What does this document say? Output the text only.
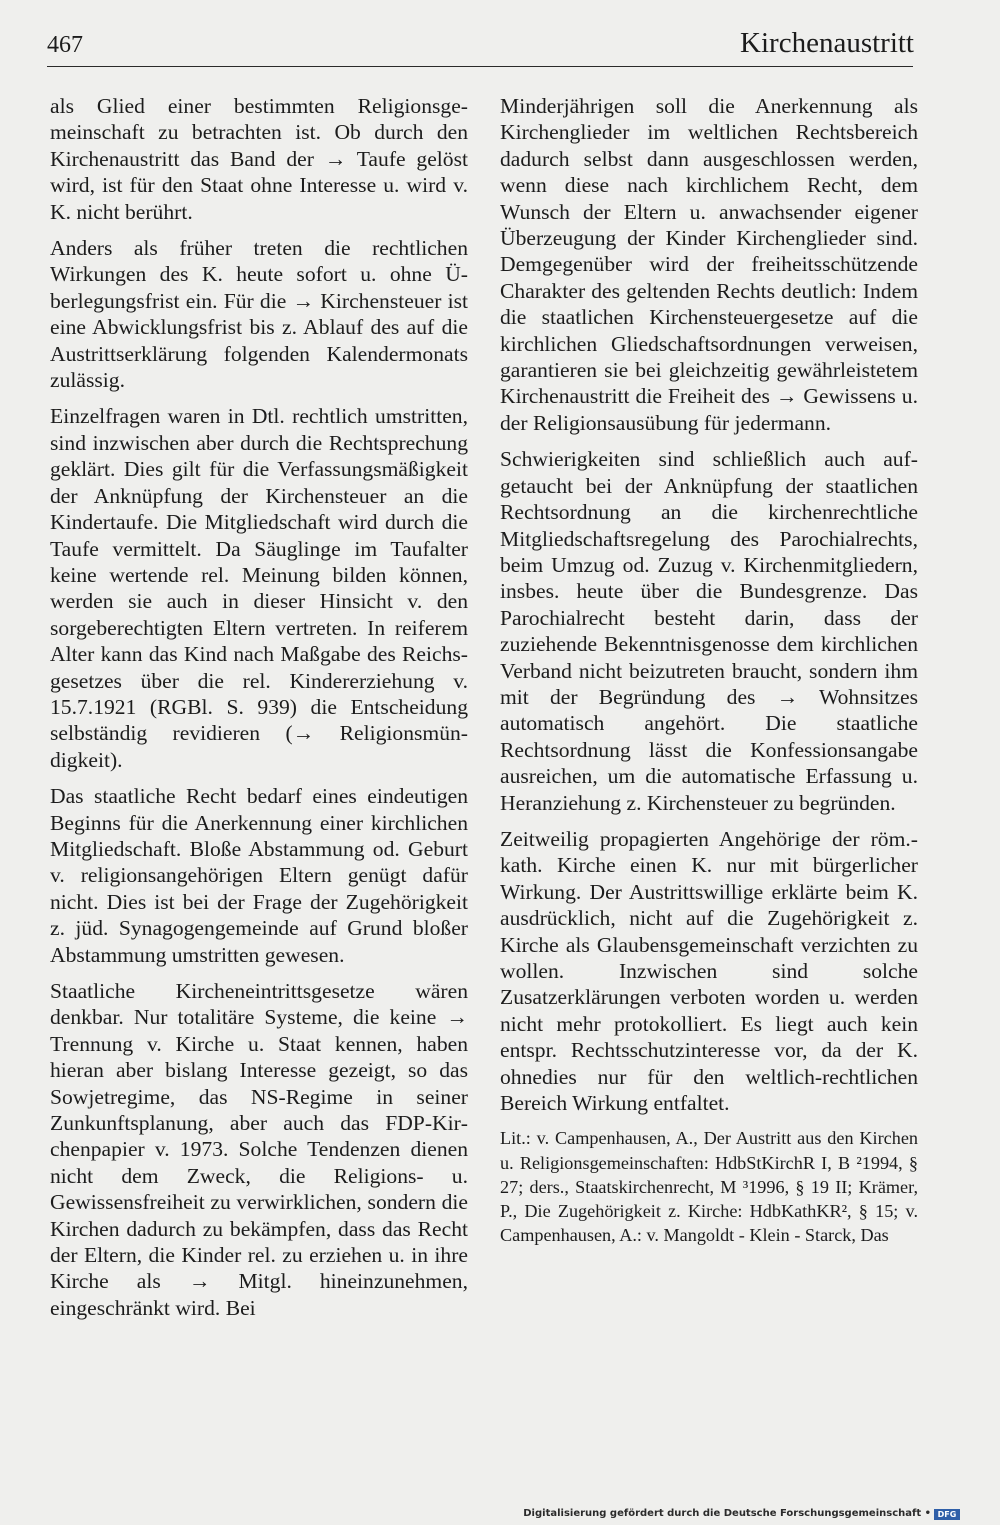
467	Kirchenaustritt

als Glied einer bestimmten Religionsgemeinschaft zu betrachten ist. Ob durch den Kirchenaustritt das Band der → Taufe gelöst wird, ist für den Staat ohne Interesse u. wird v. K. nicht berührt.

Anders als früher treten die rechtlichen Wirkungen des K. heute sofort u. ohne Überlegungsfrist ein. Für die → Kirchensteuer ist eine Abwicklungsfrist bis z. Ablauf des auf die Austrittserklärung folgenden Kalendermonats zulässig.

Einzelfragen waren in Dtl. rechtlich umstritten, sind inzwischen aber durch die Rechtsprechung geklärt. Dies gilt für die Verfassungsmäßigkeit der Anknüpfung der Kirchensteuer an die Kindertaufe. Die Mitgliedschaft wird durch die Taufe vermittelt. Da Säuglinge im Taufalter keine wertende rel. Meinung bilden können, werden sie auch in dieser Hinsicht v. den sorgeberechtigten Eltern vertreten. In reiferem Alter kann das Kind nach Maßgabe des Reichsgesetzes über die rel. Kindererziehung v. 15.7.1921 (RGBl. S. 939) die Entscheidung selbständig revidieren (→ Religionsmündigkeit).

Das staatliche Recht bedarf eines eindeutigen Beginns für die Anerkennung einer kirchlichen Mitgliedschaft. Bloße Abstammung od. Geburt v. religionsangehörigen Eltern genügt dafür nicht. Dies ist bei der Frage der Zugehörigkeit z. jüd. Synagogengemeinde auf Grund bloßer Abstammung umstritten gewesen.

Staatliche Kircheneintrittsgesetze wären denkbar. Nur totalitäre Systeme, die keine → Trennung v. Kirche u. Staat kennen, haben hieran aber bislang Interesse gezeigt, so das Sowjetregime, das NS-Regime in seiner Zunkunftsplanung, aber auch das FDP-Kirchenpapier v. 1973. Solche Tendenzen dienen nicht dem Zweck, die Religions- u. Gewissensfreiheit zu verwirklichen, sondern die Kirchen dadurch zu bekämpfen, dass das Recht der Eltern, die Kinder rel. zu erziehen u. in ihre Kirche als → Mitgl. hineinzunehmen, eingeschränkt wird. Bei

Minderjährigen soll die Anerkennung als Kirchenglieder im weltlichen Rechtsbereich dadurch selbst dann ausgeschlossen werden, wenn diese nach kirchlichem Recht, dem Wunsch der Eltern u. anwachsender eigener Überzeugung der Kinder Kirchenglieder sind. Demgegenüber wird der freiheitsschützende Charakter des geltenden Rechts deutlich: Indem die staatlichen Kirchensteuergesetze auf die kirchlichen Gliedschaftsordnungen verweisen, garantieren sie bei gleichzeitig gewährleistetem Kirchenaustritt die Freiheit des → Gewissens u. der Religionsausübung für jedermann.

Schwierigkeiten sind schließlich auch aufgetaucht bei der Anknüpfung der staatlichen Rechtsordnung an die kirchenrechtliche Mitgliedschaftsregelung des Parochialrechts, beim Umzug od. Zuzug v. Kirchenmitgliedern, insbes. heute über die Bundesgrenze. Das Parochialrecht besteht darin, dass der zuziehende Bekenntnisgenosse dem kirchlichen Verband nicht beizutreten braucht, sondern ihm mit der Begründung des → Wohnsitzes automatisch angehört. Die staatliche Rechtsordnung lässt die Konfessionsangabe ausreichen, um die automatische Erfassung u. Heranziehung z. Kirchensteuer zu begründen.

Zeitweilig propagierten Angehörige der röm.-kath. Kirche einen K. nur mit bürgerlicher Wirkung. Der Austrittswillige erklärte beim K. ausdrücklich, nicht auf die Zugehörigkeit z. Kirche als Glaubensgemeinschaft verzichten zu wollen. Inzwischen sind solche Zusatzerklärungen verboten worden u. werden nicht mehr protokolliert. Es liegt auch kein entspr. Rechtsschutzinteresse vor, da der K. ohnedies nur für den weltlich-rechtlichen Bereich Wirkung entfaltet.

Lit.: v. Campenhausen, A., Der Austritt aus den Kirchen u. Religionsgemeinschaften: HdbStKirchR I, B ²1994, § 27; ders., Staatskirchenrecht, M ³1996, § 19 II; Krämer, P., Die Zugehörigkeit z. Kirche: HdbKathKR², § 15; v. Campenhausen, A.: v. Mangoldt - Klein - Starck, Das

Digitalisierung gefördert durch die Deutsche Forschungsgemeinschaft • DFG
